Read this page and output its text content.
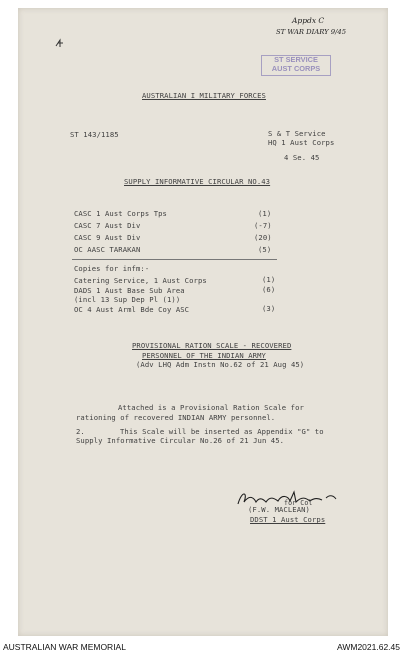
Appdx C
ST WAR DIARY 9/45
ST SERVICE
AUST CORPS
AUSTRALIAN I MILITARY FORCES
ST 143/1185	S & T Service
HQ 1 Aust Corps
4 Se. 45
SUPPLY INFORMATIVE CIRCULAR NO.43
CASC 1 Aust Corps Tps	(1)
CASC 7 Aust Div	(-7)
CASC 9 Aust Div	(20)
OC AASC TARAKAN	(5)
Copies for infm:-
Catering Service, 1 Aust Corps	(1)
DADS 1 Aust Base Sub Area	(6)
(incl 13 Sup Dep Pl (1))
OC 4 Aust Arml Bde Coy ASC	(3)
PROVISIONAL RATION SCALE - RECOVERED
PERSONNEL OF THE INDIAN ARMY
(Adv LHQ Adm Instn No.62 of 21 Aug 45)
Attached is a Provisional Ration Scale for
rationing of recovered INDIAN ARMY personnel.
2.	This Scale will be inserted as Appendix "G" to
Supply Informative Circular No.26 of 21 Jun 45.
for Col
(F.W. MACLEAN)
DDST 1 Aust Corps
AUSTRALIAN WAR MEMORIAL	AWM2021.62.45
